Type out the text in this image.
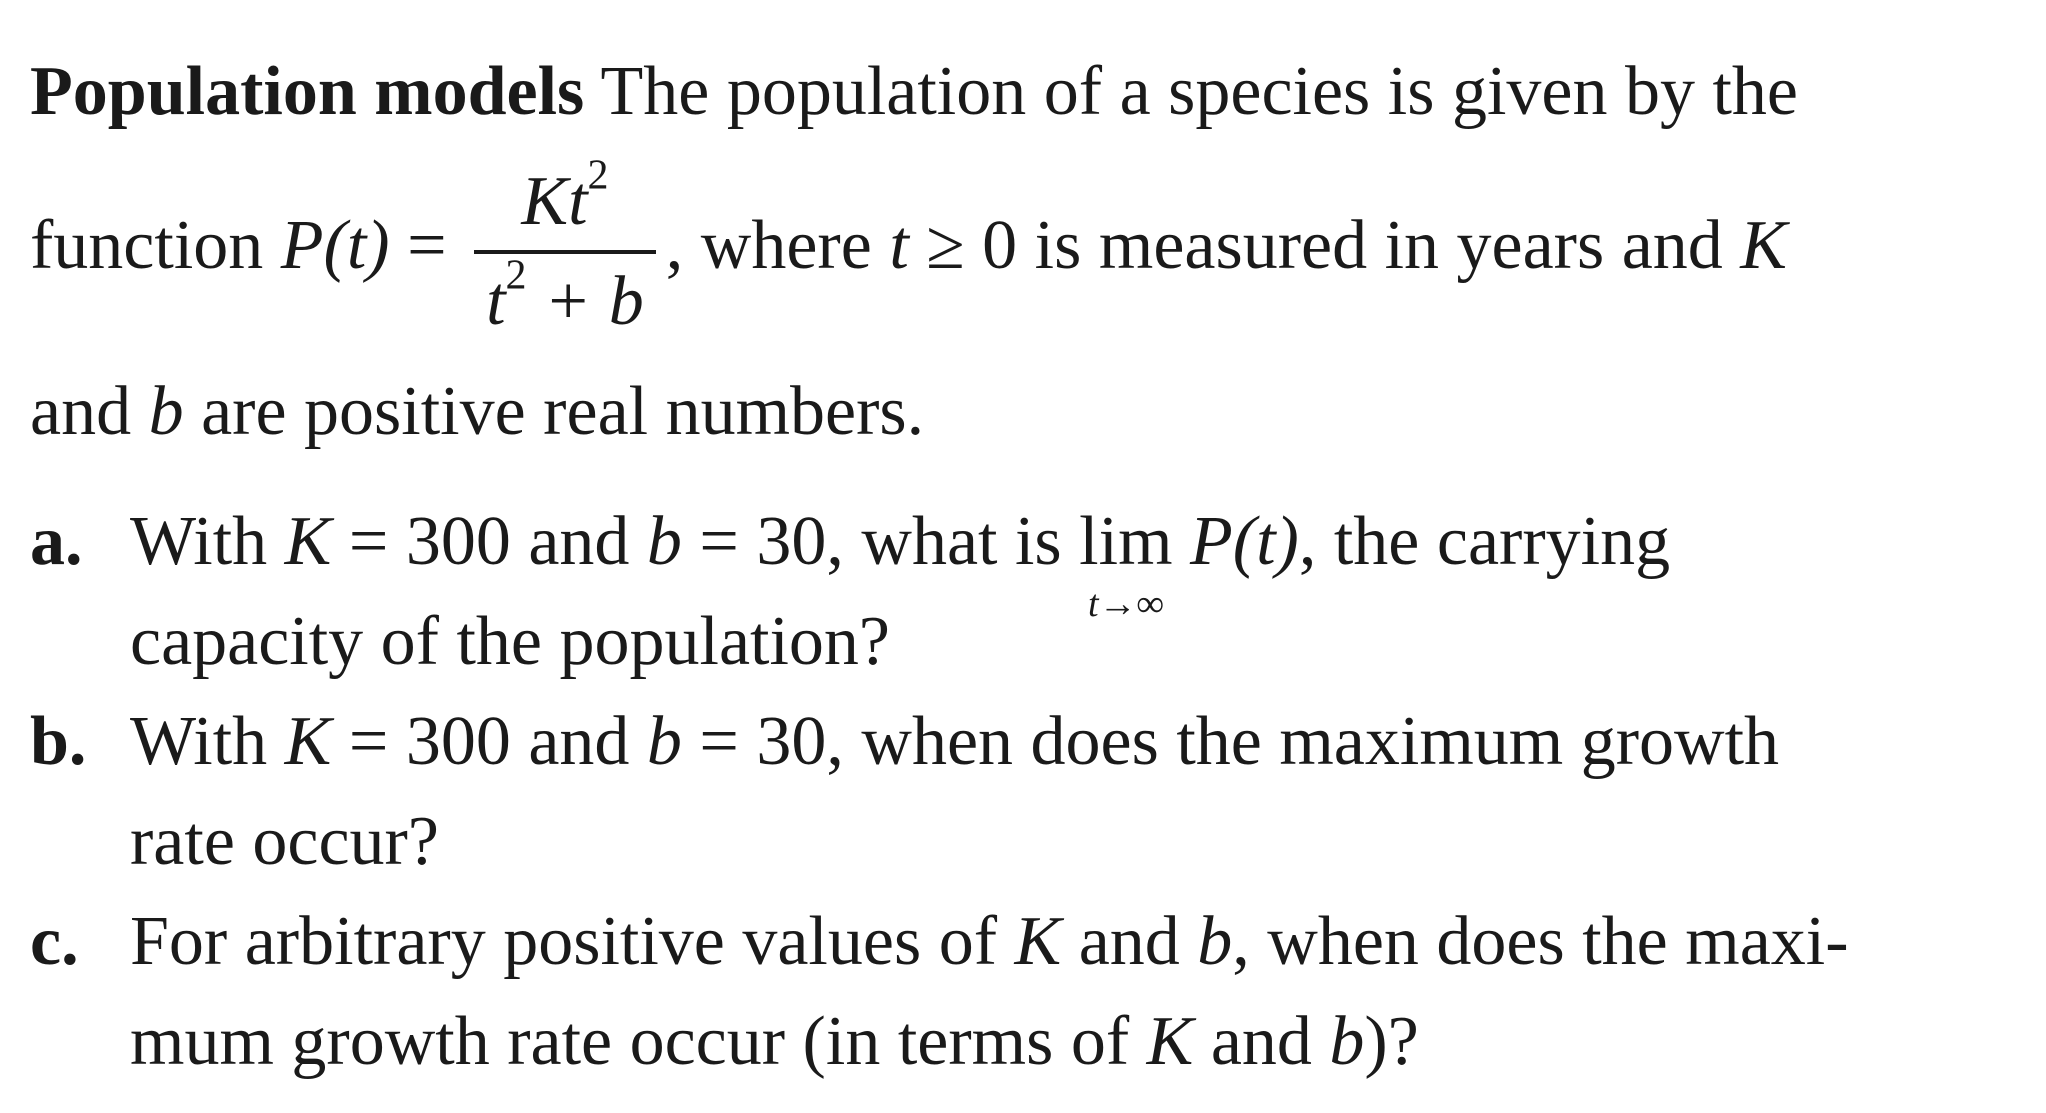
Population models The population of a species is given by the
function $P(t) = \frac{Kt^2}{t^2 + b}$ , where t ≥ 0 is measured in years and K
and b are positive real numbers.
a. With K = 300 and b = 30, what is lim
t→∞
P(t), the carrying
capacity of the population?
b. With K = 300 and b = 30, when does the maximum growth
rate occur?
c. For arbitrary positive values of K and b, when does the maxi-
mum growth rate occur (in terms of K and b)?
